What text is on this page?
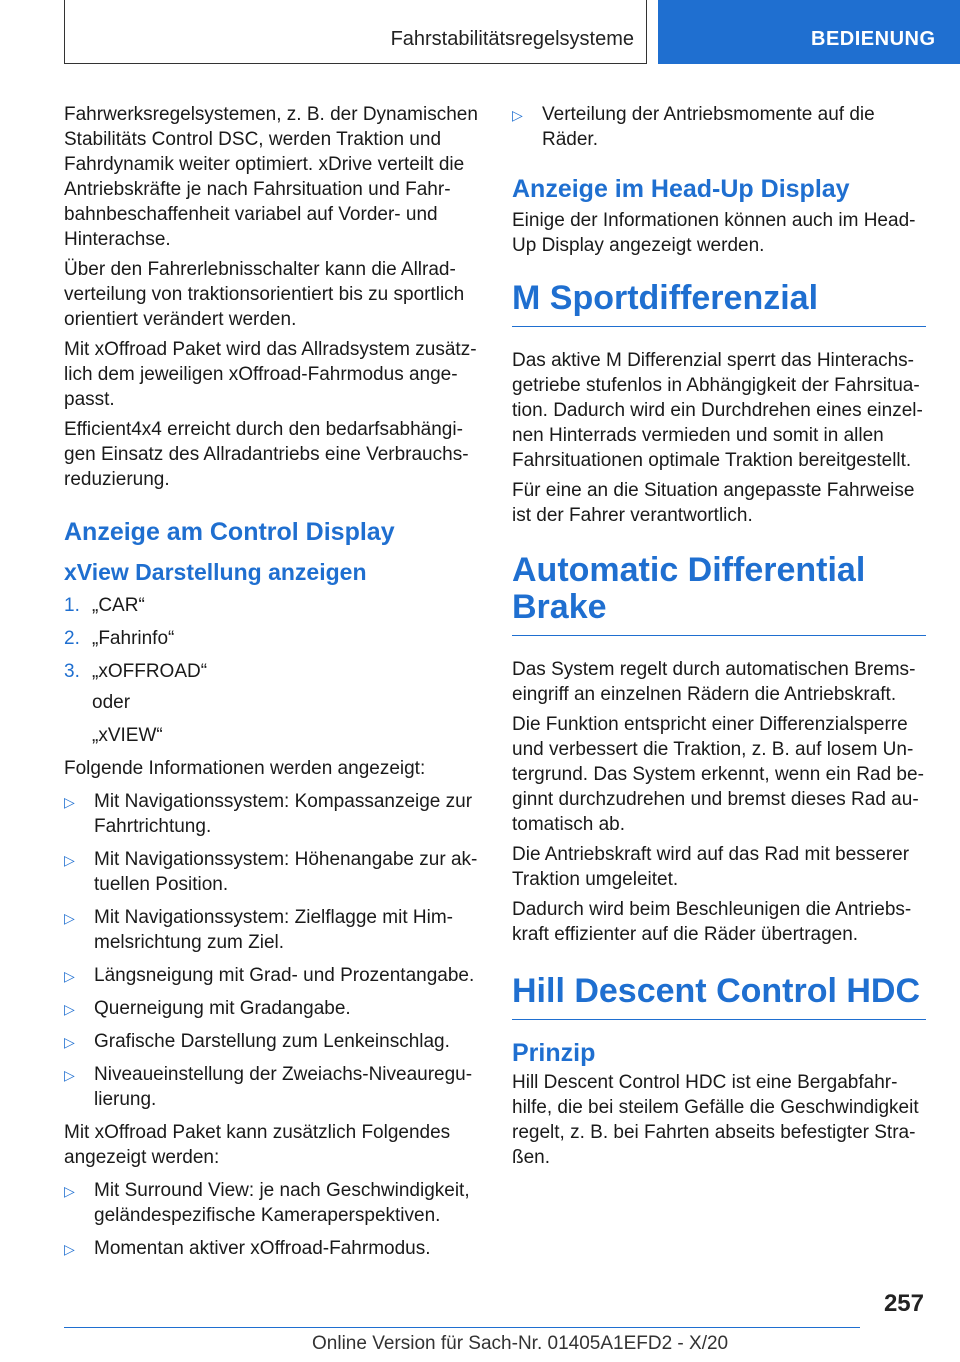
Fahrstabilitätsregelsysteme	BEDIENUNG

Fahrwerksregelsystemen, z. B. der Dynamischen Stabilitäts Control DSC, werden Traktion und Fahrdynamik weiter optimiert. xDrive verteilt die Antriebskräfte je nach Fahrsituation und Fahrbahnbeschaffenheit variabel auf Vorder- und Hinterachse.

Über den Fahrerlebnisschalter kann die Allradverteilung von traktionsorientiert bis zu sportlich orientiert verändert werden.

Mit xOffroad Paket wird das Allradsystem zusätzlich dem jeweiligen xOffroad-Fahrmodus angepasst.

Efficient4x4 erreicht durch den bedarfsabhängigen Einsatz des Allradantriebs eine Verbrauchsreduzierung.

Anzeige am Control Display
xView Darstellung anzeigen
1. „CAR“
2. „Fahrinfo“
3. „xOFFROAD“
oder
„xVIEW“

Folgende Informationen werden angezeigt:

▷ Mit Navigationssystem: Kompassanzeige zur Fahrtrichtung.
▷ Mit Navigationssystem: Höhenangabe zur aktuellen Position.
▷ Mit Navigationssystem: Zielflagge mit Himmelsrichtung zum Ziel.
▷ Längsneigung mit Grad- und Prozentangabe.
▷ Querneigung mit Gradangabe.
▷ Grafische Darstellung zum Lenkeinschlag.
▷ Niveaueinstellung der Zweiachs-Niveauregulierung.

Mit xOffroad Paket kann zusätzlich Folgendes angezeigt werden:

▷ Mit Surround View: je nach Geschwindigkeit, geländespezifische Kameraperspektiven.
▷ Momentan aktiver xOffroad-Fahrmodus.
▷ Verteilung der Antriebsmomente auf die Räder.
Anzeige im Head-Up Display

Einige der Informationen können auch im Head-Up Display angezeigt werden.

M Sportdifferenzial

Das aktive M Differenzial sperrt das Hinterachsgetriebe stufenlos in Abhängigkeit der Fahrsituation. Dadurch wird ein Durchdrehen eines einzelnen Hinterrads vermieden und somit in allen Fahrsituationen optimale Traktion bereitgestellt.

Für eine an die Situation angepasste Fahrweise ist der Fahrer verantwortlich.

Automatic Differential Brake

Das System regelt durch automatischen Bremseingriff an einzelnen Rädern die Antriebskraft.

Die Funktion entspricht einer Differenzialsperre und verbessert die Traktion, z. B. auf losem Untergrund. Das System erkennt, wenn ein Rad beginnt durchzudrehen und bremst dieses Rad automatisch ab.

Die Antriebskraft wird auf das Rad mit besserer Traktion umgeleitet.

Dadurch wird beim Beschleunigen die Antriebskraft effizienter auf die Räder übertragen.

Hill Descent Control HDC
Prinzip

Hill Descent Control HDC ist eine Bergabfahrhilfe, die bei steilem Gefälle die Geschwindigkeit regelt, z. B. bei Fahrten abseits befestigter Straßen.

257
Online Version für Sach-Nr. 01405A1EFD2 - X/20
